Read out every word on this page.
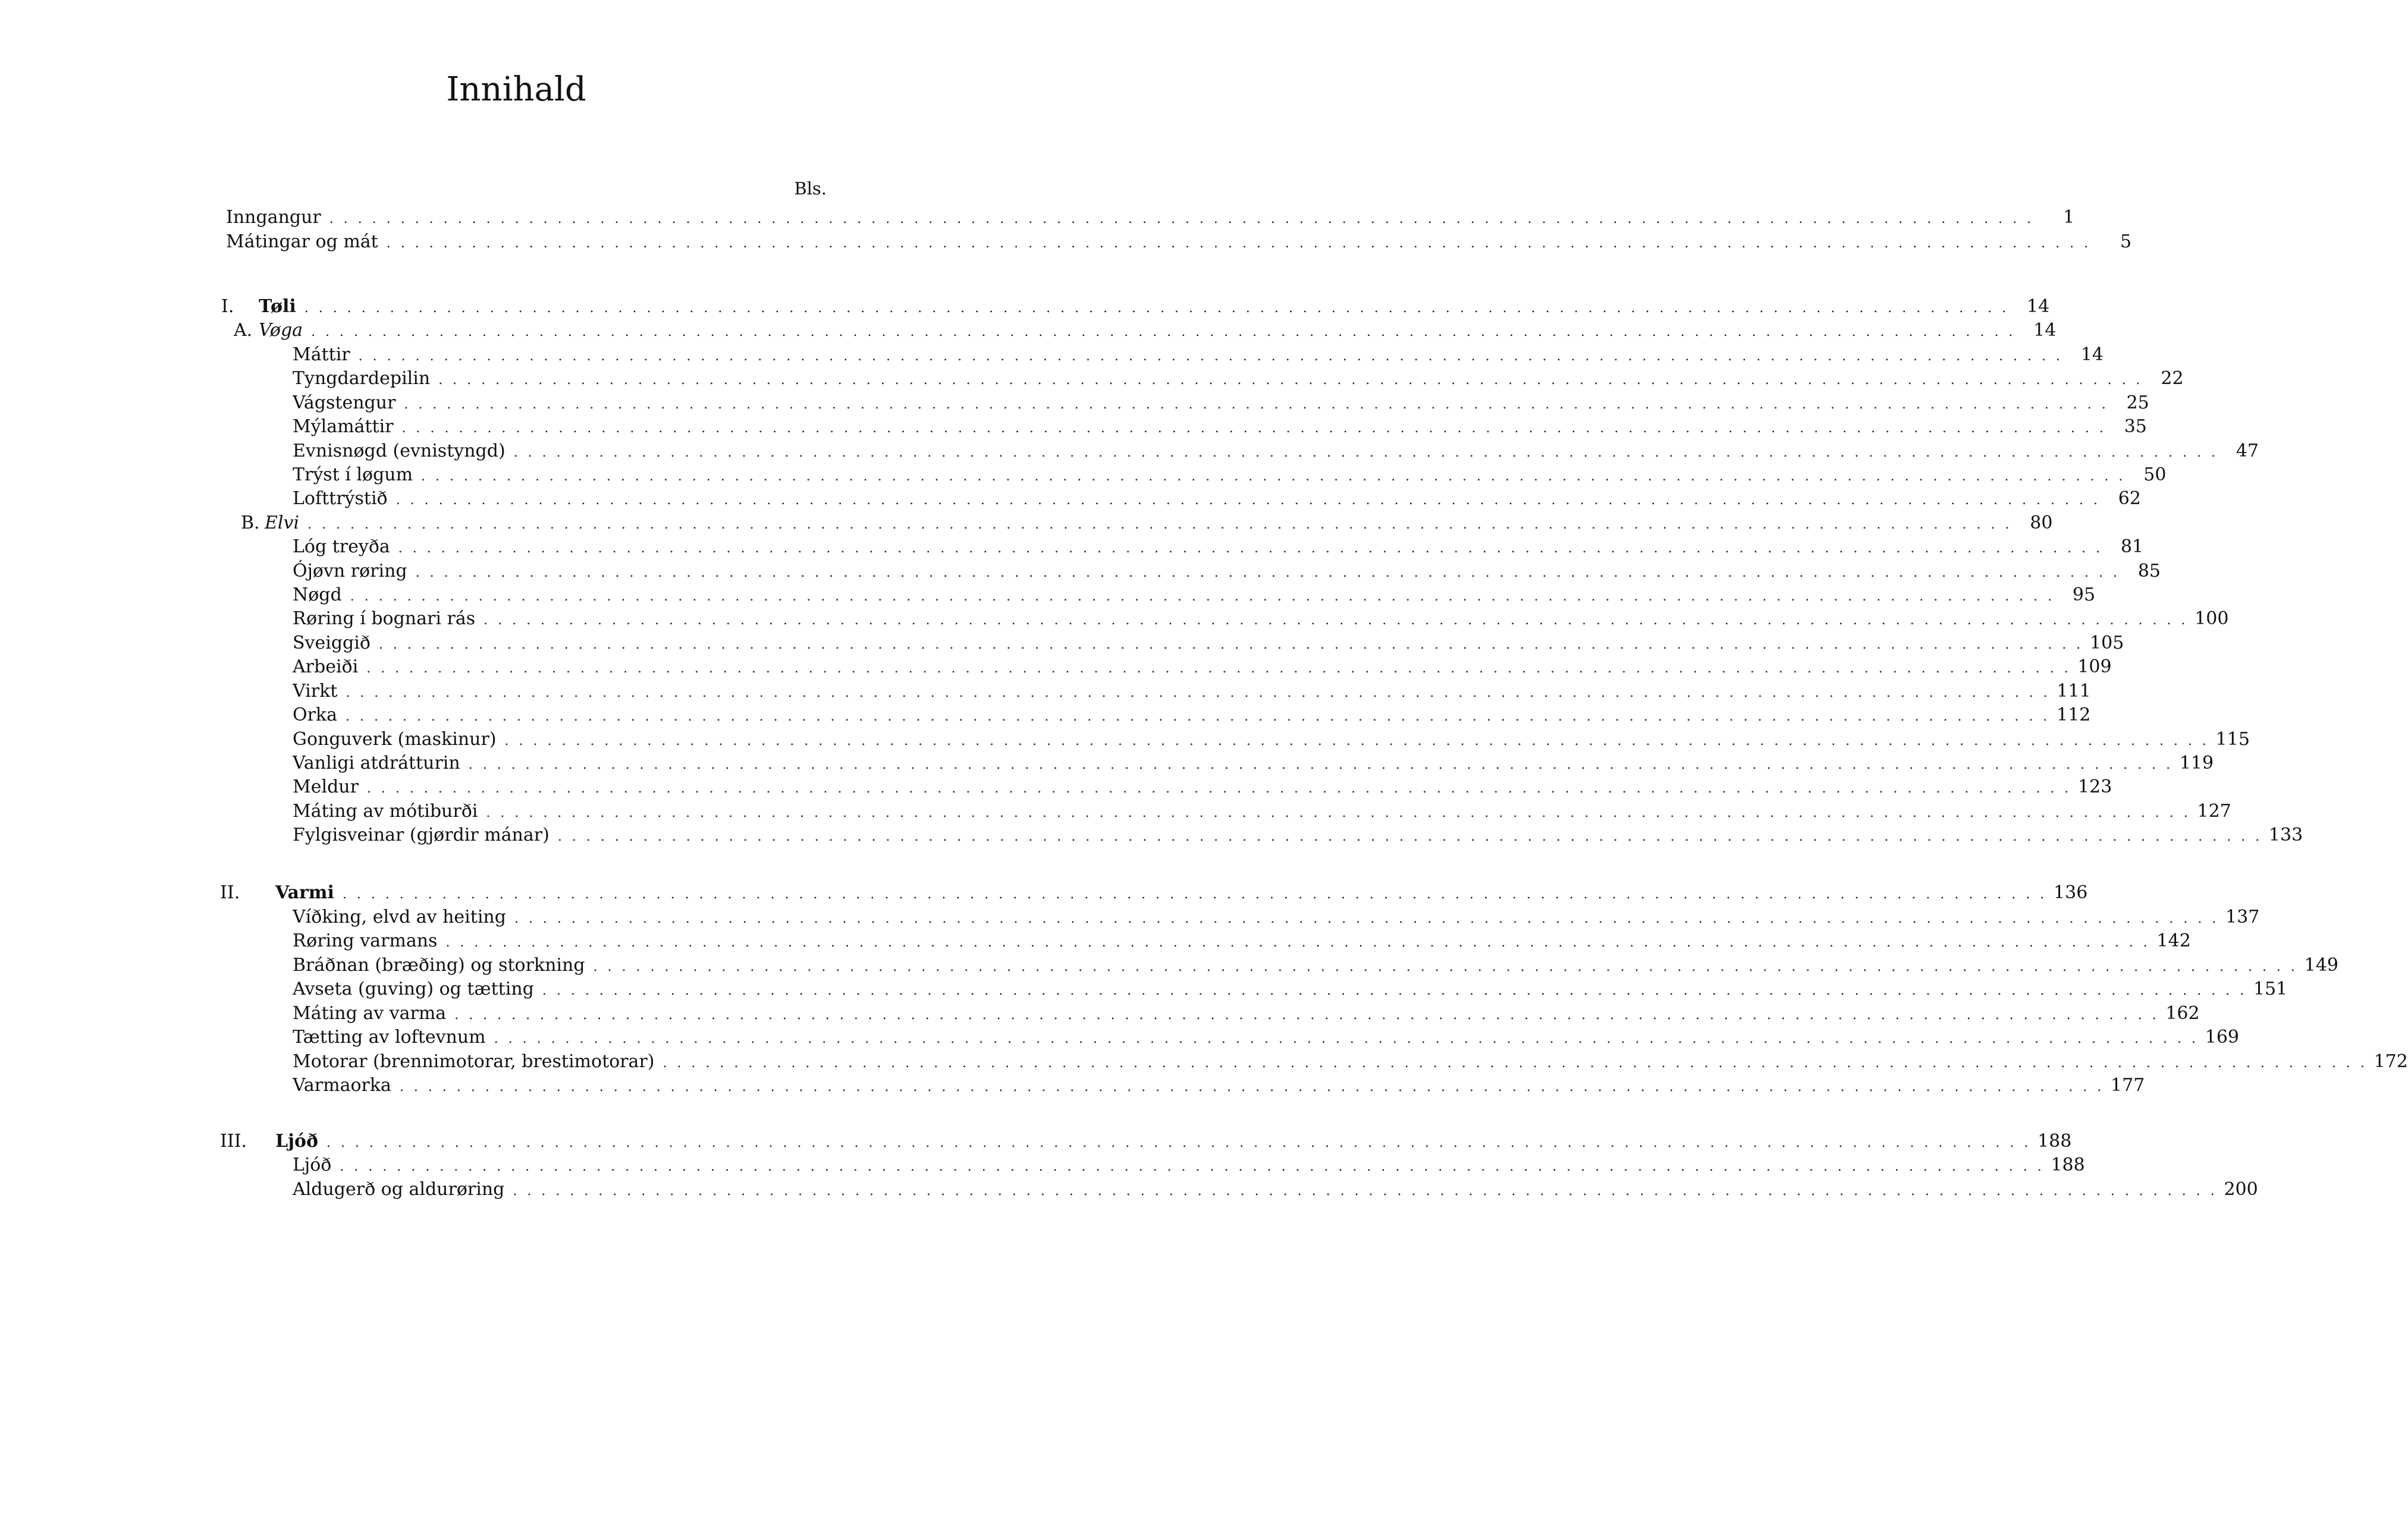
Innihald
Bls.
Inngangur . . . . . . . . . . . . . . . . . . . . . . . . . . . . . . . . . . . . . . . . . . . . . . . . . . . . . . . . . . . . . . . . . . . . . . . . . . . . . . . . . . . . . . . . . . . . . . . . . . . . . . . . . . . . . . . . . . . . . . . .	1
Mátingar og mát . . . . . . . . . . . . . . . . . . . . . . . . . . . . . . . . . . . . . . . . . . . . . . . . . . . . . . . . . . . . . . . . . . . . . . . . . . . . . . . . . . . . . . . . . . . . . . . . . . . . . . . . . . . . . . . . . . . . . . . .	5
I.	Tøli . . . . . . . . . . . . . . . . . . . . . . . . . . . . . . . . . . . . . . . . . . . . . . . . . . . . . . . . . . . . . . . . . . . . . . . . . . . . . . . . . . . . . . . . . . . . . . . . . . . . . . . . . . . . . . . . . . . . . . . . 14
A. Vøga . . . . . . . . . . . . . . . . . . . . . . . . . . . . . . . . . . . . . . . . . . . . . . . . . . . . . . . . . . . . . . . . . . . . . . . . . . . . . . . . . . . . . . . . . . . . . . . . . . . . . . . . . . . . . . . . . . . . . . . . 14
Máttir . . . . . . . . . . . . . . . . . . . . . . . . . . . . . . . . . . . . . . . . . . . . . . . . . . . . . . . . . . . . . . . . . . . . . . . . . . . . . . . . . . . . . . . . . . . . . . . . . . . . . . . . . . . . . . . . . . . . . . . . 14
Tyngdardepilin . . . . . . . . . . . . . . . . . . . . . . . . . . . . . . . . . . . . . . . . . . . . . . . . . . . . . . . . . . . . . . . . . . . . . . . . . . . . . . . . . . . . . . . . . . . . . . . . . . . . . . . . . . . . . . . . . . . . . . . . 22
Vágstengur . . . . . . . . . . . . . . . . . . . . . . . . . . . . . . . . . . . . . . . . . . . . . . . . . . . . . . . . . . . . . . . . . . . . . . . . . . . . . . . . . . . . . . . . . . . . . . . . . . . . . . . . . . . . . . . . . . . . . . . . 25
Mýlamáttir . . . . . . . . . . . . . . . . . . . . . . . . . . . . . . . . . . . . . . . . . . . . . . . . . . . . . . . . . . . . . . . . . . . . . . . . . . . . . . . . . . . . . . . . . . . . . . . . . . . . . . . . . . . . . . . . . . . . . . . . 35
Evnisnøgd (evnistyngd) . . . . . . . . . . . . . . . . . . . . . . . . . . . . . . . . . . . . . . . . . . . . . . . . . . . . . . . . . . . . . . . . . . . . . . . . . . . . . . . . . . . . . . . . . . . . . . . . . . . . . . . . . . . . . . . . . . . . . . . . 47
Trýst í løgum . . . . . . . . . . . . . . . . . . . . . . . . . . . . . . . . . . . . . . . . . . . . . . . . . . . . . . . . . . . . . . . . . . . . . . . . . . . . . . . . . . . . . . . . . . . . . . . . . . . . . . . . . . . . . . . . . . . . . . . . 50
Lofttrýstið . . . . . . . . . . . . . . . . . . . . . . . . . . . . . . . . . . . . . . . . . . . . . . . . . . . . . . . . . . . . . . . . . . . . . . . . . . . . . . . . . . . . . . . . . . . . . . . . . . . . . . . . . . . . . . . . . . . . . . . . 62
B. Elvi . . . . . . . . . . . . . . . . . . . . . . . . . . . . . . . . . . . . . . . . . . . . . . . . . . . . . . . . . . . . . . . . . . . . . . . . . . . . . . . . . . . . . . . . . . . . . . . . . . . . . . . . . . . . . . . . . . . . . . . . 80
Lóg treyða . . . . . . . . . . . . . . . . . . . . . . . . . . . . . . . . . . . . . . . . . . . . . . . . . . . . . . . . . . . . . . . . . . . . . . . . . . . . . . . . . . . . . . . . . . . . . . . . . . . . . . . . . . . . . . . . . . . . . . . . 81
Ójøvn røring . . . . . . . . . . . . . . . . . . . . . . . . . . . . . . . . . . . . . . . . . . . . . . . . . . . . . . . . . . . . . . . . . . . . . . . . . . . . . . . . . . . . . . . . . . . . . . . . . . . . . . . . . . . . . . . . . . . . . . . . 85
Nøgd . . . . . . . . . . . . . . . . . . . . . . . . . . . . . . . . . . . . . . . . . . . . . . . . . . . . . . . . . . . . . . . . . . . . . . . . . . . . . . . . . . . . . . . . . . . . . . . . . . . . . . . . . . . . . . . . . . . . . . . . 95
Røring í bognari rás . . . . . . . . . . . . . . . . . . . . . . . . . . . . . . . . . . . . . . . . . . . . . . . . . . . . . . . . . . . . . . . . . . . . . . . . . . . . . . . . . . . . . . . . . . . . . . . . . . . . . . . . . . . . . . . . . . . . . . . . 100
Sveiggið . . . . . . . . . . . . . . . . . . . . . . . . . . . . . . . . . . . . . . . . . . . . . . . . . . . . . . . . . . . . . . . . . . . . . . . . . . . . . . . . . . . . . . . . . . . . . . . . . . . . . . . . . . . . . . . . . . . . . . . . 105
Arbeiði . . . . . . . . . . . . . . . . . . . . . . . . . . . . . . . . . . . . . . . . . . . . . . . . . . . . . . . . . . . . . . . . . . . . . . . . . . . . . . . . . . . . . . . . . . . . . . . . . . . . . . . . . . . . . . . . . . . . . . . . 109
Virkt . . . . . . . . . . . . . . . . . . . . . . . . . . . . . . . . . . . . . . . . . . . . . . . . . . . . . . . . . . . . . . . . . . . . . . . . . . . . . . . . . . . . . . . . . . . . . . . . . . . . . . . . . . . . . . . . . . . . . . . . 111
Orka . . . . . . . . . . . . . . . . . . . . . . . . . . . . . . . . . . . . . . . . . . . . . . . . . . . . . . . . . . . . . . . . . . . . . . . . . . . . . . . . . . . . . . . . . . . . . . . . . . . . . . . . . . . . . . . . . . . . . . . . 112
Gonguverk (maskinur) . . . . . . . . . . . . . . . . . . . . . . . . . . . . . . . . . . . . . . . . . . . . . . . . . . . . . . . . . . . . . . . . . . . . . . . . . . . . . . . . . . . . . . . . . . . . . . . . . . . . . . . . . . . . . . . . . . . . . . . . 115
Vanligi atdrátturin . . . . . . . . . . . . . . . . . . . . . . . . . . . . . . . . . . . . . . . . . . . . . . . . . . . . . . . . . . . . . . . . . . . . . . . . . . . . . . . . . . . . . . . . . . . . . . . . . . . . . . . . . . . . . . . . . . . . . . . . 119
Meldur . . . . . . . . . . . . . . . . . . . . . . . . . . . . . . . . . . . . . . . . . . . . . . . . . . . . . . . . . . . . . . . . . . . . . . . . . . . . . . . . . . . . . . . . . . . . . . . . . . . . . . . . . . . . . . . . . . . . . . . . 123
Máting av mótiburði . . . . . . . . . . . . . . . . . . . . . . . . . . . . . . . . . . . . . . . . . . . . . . . . . . . . . . . . . . . . . . . . . . . . . . . . . . . . . . . . . . . . . . . . . . . . . . . . . . . . . . . . . . . . . . . . . . . . . . . . 127
Fylgisveinar (gjørdir mánar) . . . . . . . . . . . . . . . . . . . . . . . . . . . . . . . . . . . . . . . . . . . . . . . . . . . . . . . . . . . . . . . . . . . . . . . . . . . . . . . . . . . . . . . . . . . . . . . . . . . . . . . . . . . . . . . . . . . . . . . . 133
II.	Varmi . . . . . . . . . . . . . . . . . . . . . . . . . . . . . . . . . . . . . . . . . . . . . . . . . . . . . . . . . . . . . . . . . . . . . . . . . . . . . . . . . . . . . . . . . . . . . . . . . . . . . . . . . . . . . . . . . . . . . . . . 136
Víðking, elvd av heiting . . . . . . . . . . . . . . . . . . . . . . . . . . . . . . . . . . . . . . . . . . . . . . . . . . . . . . . . . . . . . . . . . . . . . . . . . . . . . . . . . . . . . . . . . . . . . . . . . . . . . . . . . . . . . . . . . . . . . . . . 137
Røring varmans . . . . . . . . . . . . . . . . . . . . . . . . . . . . . . . . . . . . . . . . . . . . . . . . . . . . . . . . . . . . . . . . . . . . . . . . . . . . . . . . . . . . . . . . . . . . . . . . . . . . . . . . . . . . . . . . . . . . . . . . 142
Bráðnan (bræðing) og storkning . . . . . . . . . . . . . . . . . . . . . . . . . . . . . . . . . . . . . . . . . . . . . . . . . . . . . . . . . . . . . . . . . . . . . . . . . . . . . . . . . . . . . . . . . . . . . . . . . . . . . . . . . . . . . . . . . . . . . . . . 149
Avseta (guving) og tætting . . . . . . . . . . . . . . . . . . . . . . . . . . . . . . . . . . . . . . . . . . . . . . . . . . . . . . . . . . . . . . . . . . . . . . . . . . . . . . . . . . . . . . . . . . . . . . . . . . . . . . . . . . . . . . . . . . . . . . . . 151
Máting av varma . . . . . . . . . . . . . . . . . . . . . . . . . . . . . . . . . . . . . . . . . . . . . . . . . . . . . . . . . . . . . . . . . . . . . . . . . . . . . . . . . . . . . . . . . . . . . . . . . . . . . . . . . . . . . . . . . . . . . . . . 162
Tætting av loftevnum . . . . . . . . . . . . . . . . . . . . . . . . . . . . . . . . . . . . . . . . . . . . . . . . . . . . . . . . . . . . . . . . . . . . . . . . . . . . . . . . . . . . . . . . . . . . . . . . . . . . . . . . . . . . . . . . . . . . . . . . 169
Motorar (brennimotorar, brestimotorar) . . . . . . . . . . . . . . . . . . . . . . . . . . . . . . . . . . . . . . . . . . . . . . . . . . . . . . . . . . . . . . . . . . . . . . . . . . . . . . . . . . . . . . . . . . . . . . . . . . . . . . . . . . . . . . . . . . . . . . . . 172
Varmaorka . . . . . . . . . . . . . . . . . . . . . . . . . . . . . . . . . . . . . . . . . . . . . . . . . . . . . . . . . . . . . . . . . . . . . . . . . . . . . . . . . . . . . . . . . . . . . . . . . . . . . . . . . . . . . . . . . . . . . . . . 177
III.	Ljóð . . . . . . . . . . . . . . . . . . . . . . . . . . . . . . . . . . . . . . . . . . . . . . . . . . . . . . . . . . . . . . . . . . . . . . . . . . . . . . . . . . . . . . . . . . . . . . . . . . . . . . . . . . . . . . . . . . . . . . . . 188
Ljóð . . . . . . . . . . . . . . . . . . . . . . . . . . . . . . . . . . . . . . . . . . . . . . . . . . . . . . . . . . . . . . . . . . . . . . . . . . . . . . . . . . . . . . . . . . . . . . . . . . . . . . . . . . . . . . . . . . . . . . . . 188
Aldugerð og aldurøring . . . . . . . . . . . . . . . . . . . . . . . . . . . . . . . . . . . . . . . . . . . . . . . . . . . . . . . . . . . . . . . . . . . . . . . . . . . . . . . . . . . . . . . . . . . . . . . . . . . . . . . . . . . . . . . . . . . . . . . . 200
